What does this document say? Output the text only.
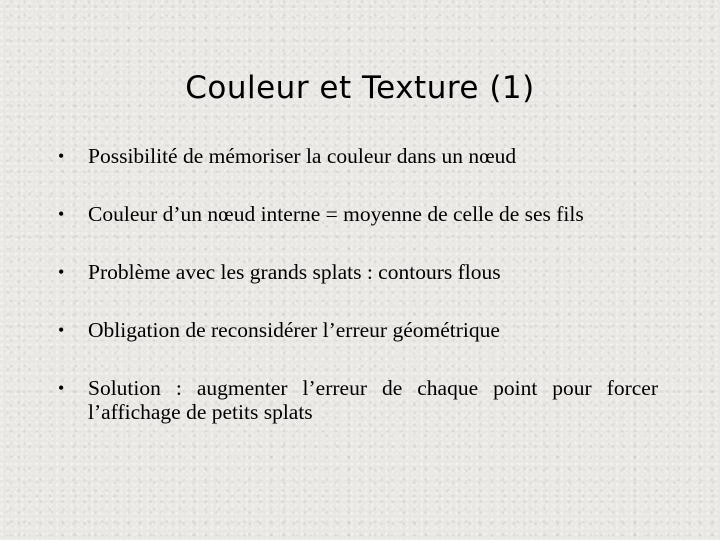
Couleur et Texture (1)
• Possibilité de mémoriser la couleur dans un nœud
• Couleur d’un nœud interne = moyenne de celle de ses fils
• Problème avec les grands splats : contours flous
• Obligation de reconsidérer l’erreur géométrique
• Solution : augmenter l’erreur de chaque point pour forcer l’affichage de petits splats
